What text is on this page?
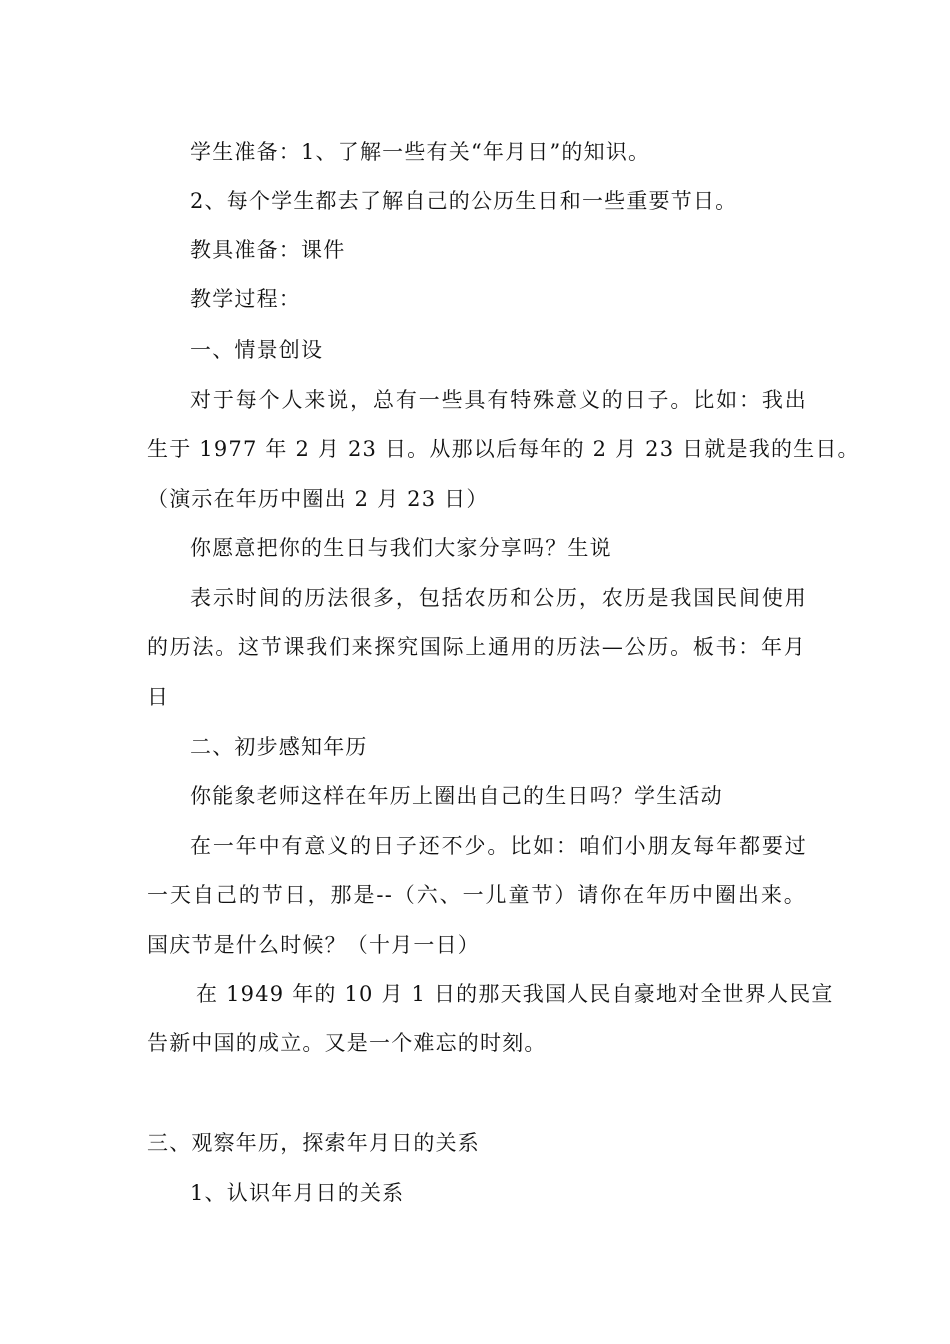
学生准备：1、了解一些有关“年月日”的知识。
2、每个学生都去了解自己的公历生日和一些重要节日。
教具准备：课件
教学过程：
一、情景创设
对于每个人来说，总有一些具有特殊意义的日子。比如：我出
生于 1977 年 2 月 23 日。从那以后每年的 2 月 23 日就是我的生日。
（演示在年历中圈出 2 月 23 日）
你愿意把你的生日与我们大家分享吗？生说
表示时间的历法很多，包括农历和公历，农历是我国民间使用
的历法。这节课我们来探究国际上通用的历法—公历。板书：年月
日
二、初步感知年历
你能象老师这样在年历上圈出自己的生日吗？学生活动
在一年中有意义的日子还不少。比如：咱们小朋友每年都要过
一天自己的节日，那是--（六、一儿童节）请你在年历中圈出来。
国庆节是什么时候？（十月一日）
在 1949 年的 10 月 1 日的那天我国人民自豪地对全世界人民宣
告新中国的成立。又是一个难忘的时刻。
三、观察年历，探索年月日的关系
1、认识年月日的关系
